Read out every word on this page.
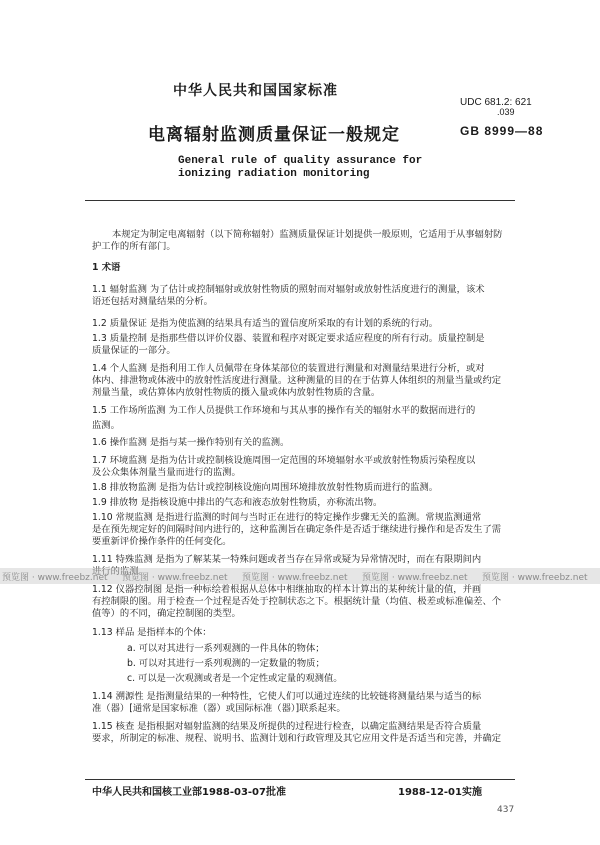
中华人民共和国国家标准
UDC 681.2: 621
.039
电离辐射监测质量保证一般规定	GB 8999—88
General rule of quality assurance for
ionizing radiation monitoring
本规定为制定电离辐射（以下简称辐射）监测质量保证计划提供一般原则，它适用于从事辐射防
护工作的所有部门。
1 术语
1.1 辐射监测 为了估计或控制辐射或放射性物质的照射而对辐射或放射性活度进行的测量，该术
语还包括对测量结果的分析。
1.2 质量保证 是指为使监测的结果具有适当的置信度所采取的有计划的系统的行动。
1.3 质量控制 是指那些借以评价仪器、装置和程序对既定要求适应程度的所有行动。质量控制是
质量保证的一部分。
1.4 个人监测 是指利用工作人员佩带在身体某部位的装置进行测量和对测量结果进行分析，或对
体内、排泄物或体液中的放射性活度进行测量。这种测量的目的在于估算人体组织的剂量当量或约定
剂量当量，或估算体内放射性物质的摄入量或体内放射性物质的含量。
1.5 工作场所监测 为工作人员提供工作环境和与其从事的操作有关的辐射水平的数据而进行的
监测。
1.6 操作监测 是指与某一操作特别有关的监测。
1.7 环境监测 是指为估计或控制核设施周围一定范围的环境辐射水平或放射性物质污染程度以
及公众集体剂量当量而进行的监测。
1.8 排放物监测 是指为估计或控制核设施向周围环境排放放射性物质而进行的监测。
1.9 排放物 是指核设施中排出的气态和液态放射性物质，亦称流出物。
1.10 常规监测 是指进行监测的时间与当时正在进行的特定操作步骤无关的监测。常规监测通常
是在预先规定好的间隔时间内进行的，这种监测旨在确定条件是否适于继续进行操作和是否发生了需
要重新评价操作条件的任何变化。
1.11 特殊监测 是指为了解某某一特殊问题或者当存在异常或疑为异常情况时，而在有限期间内
进行的监测。
1.12 仪器控制图 是指一种标绘着根据从总体中相继抽取的样本计算出的某种统计量的值，并画
有控制限的图。用于检查一个过程是否处于控制状态之下。根据统计量（均值、极差或标准偏差、个
值等）的不同，确定控制图的类型。
1.13 样品 是指样本的个体：
a. 可以对其进行一系列观测的一件具体的物体；
b. 可以对其进行一系列观测的一定数量的物质；
c. 可以是一次观测或者是一个定性或定量的观测值。
1.14 溯源性 是指测量结果的一种特性，它使人们可以通过连续的比较链将测量结果与适当的标
准（器）[通常是国家标准（器）或国际标准（器）]联系起来。
1.15 核查 是指根据对辐射监测的结果及所提供的过程进行检查，以确定监测结果是否符合质量
要求，所制定的标准、规程、说明书、监测计划和行政管理及其它应用文件是否适当和完善，并确定
预览图 · www.freebz.net 预览图 · www.freebz.net 预览图 · www.freebz.net 预览图 · www.freebz.net 预览图 · www.freebz.net
中华人民共和国核工业部1988-03-07批准	1988-12-01实施
437
